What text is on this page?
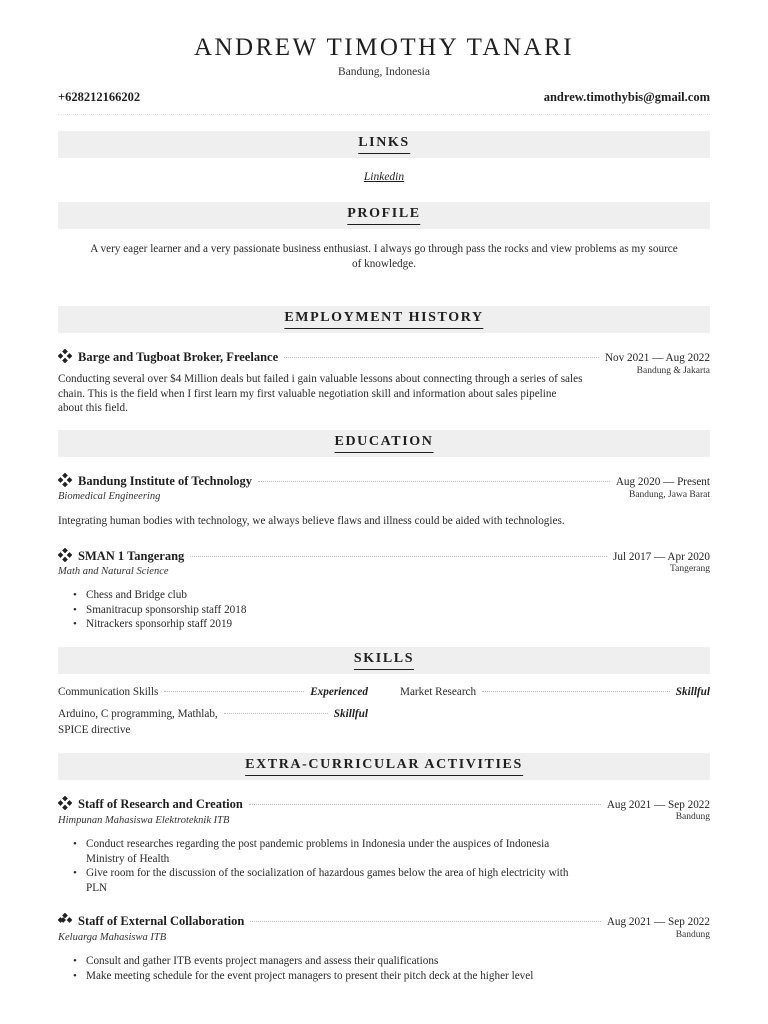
ANDREW TIMOTHY TANARI
Bandung, Indonesia
+628212166202	andrew.timothybis@gmail.com
LINKS
Linkedin
PROFILE
A very eager learner and a very passionate business enthusiast. I always go through pass the rocks and view problems as my source
of knowledge.
EMPLOYMENT HISTORY
Barge and Tugboat Broker, Freelance	Nov 2021 — Aug 2022
Bandung & Jakarta
Conducting several over $4 Million deals but failed i gain valuable lessons about connecting through a series of sales
chain. This is the field when I first learn my first valuable negotiation skill and information about sales pipeline
about this field.
EDUCATION
Bandung Institute of Technology	Aug 2020 — Present
Biomedical Engineering	Bandung, Jawa Barat
Integrating human bodies with technology, we always believe flaws and illness could be aided with technologies.
SMAN 1 Tangerang	Jul 2017 — Apr 2020
Math and Natural Science	Tangerang
• Chess and Bridge club
• Smanitracup sponsorship staff 2018
• Nitrackers sponsorhip staff 2019
SKILLS
Communication Skills	Experienced	Market Research	Skillful
Arduino, C programming, Mathlab,	Skillful
SPICE directive
EXTRA-CURRICULAR ACTIVITIES
Staff of Research and Creation	Aug 2021 — Sep 2022
Himpunan Mahasiswa Elektroteknik ITB	Bandung
• Conduct researches regarding the post pandemic problems in Indonesia under the auspices of Indonesia
Ministry of Health
• Give room for the discussion of the socialization of hazardous games below the area of high electricity with
PLN
Staff of External Collaboration	Aug 2021 — Sep 2022
Keluarga Mahasiswa ITB	Bandung
• Consult and gather ITB events project managers and assess their qualifications
• Make meeting schedule for the event project managers to present their pitch deck at the higher level
